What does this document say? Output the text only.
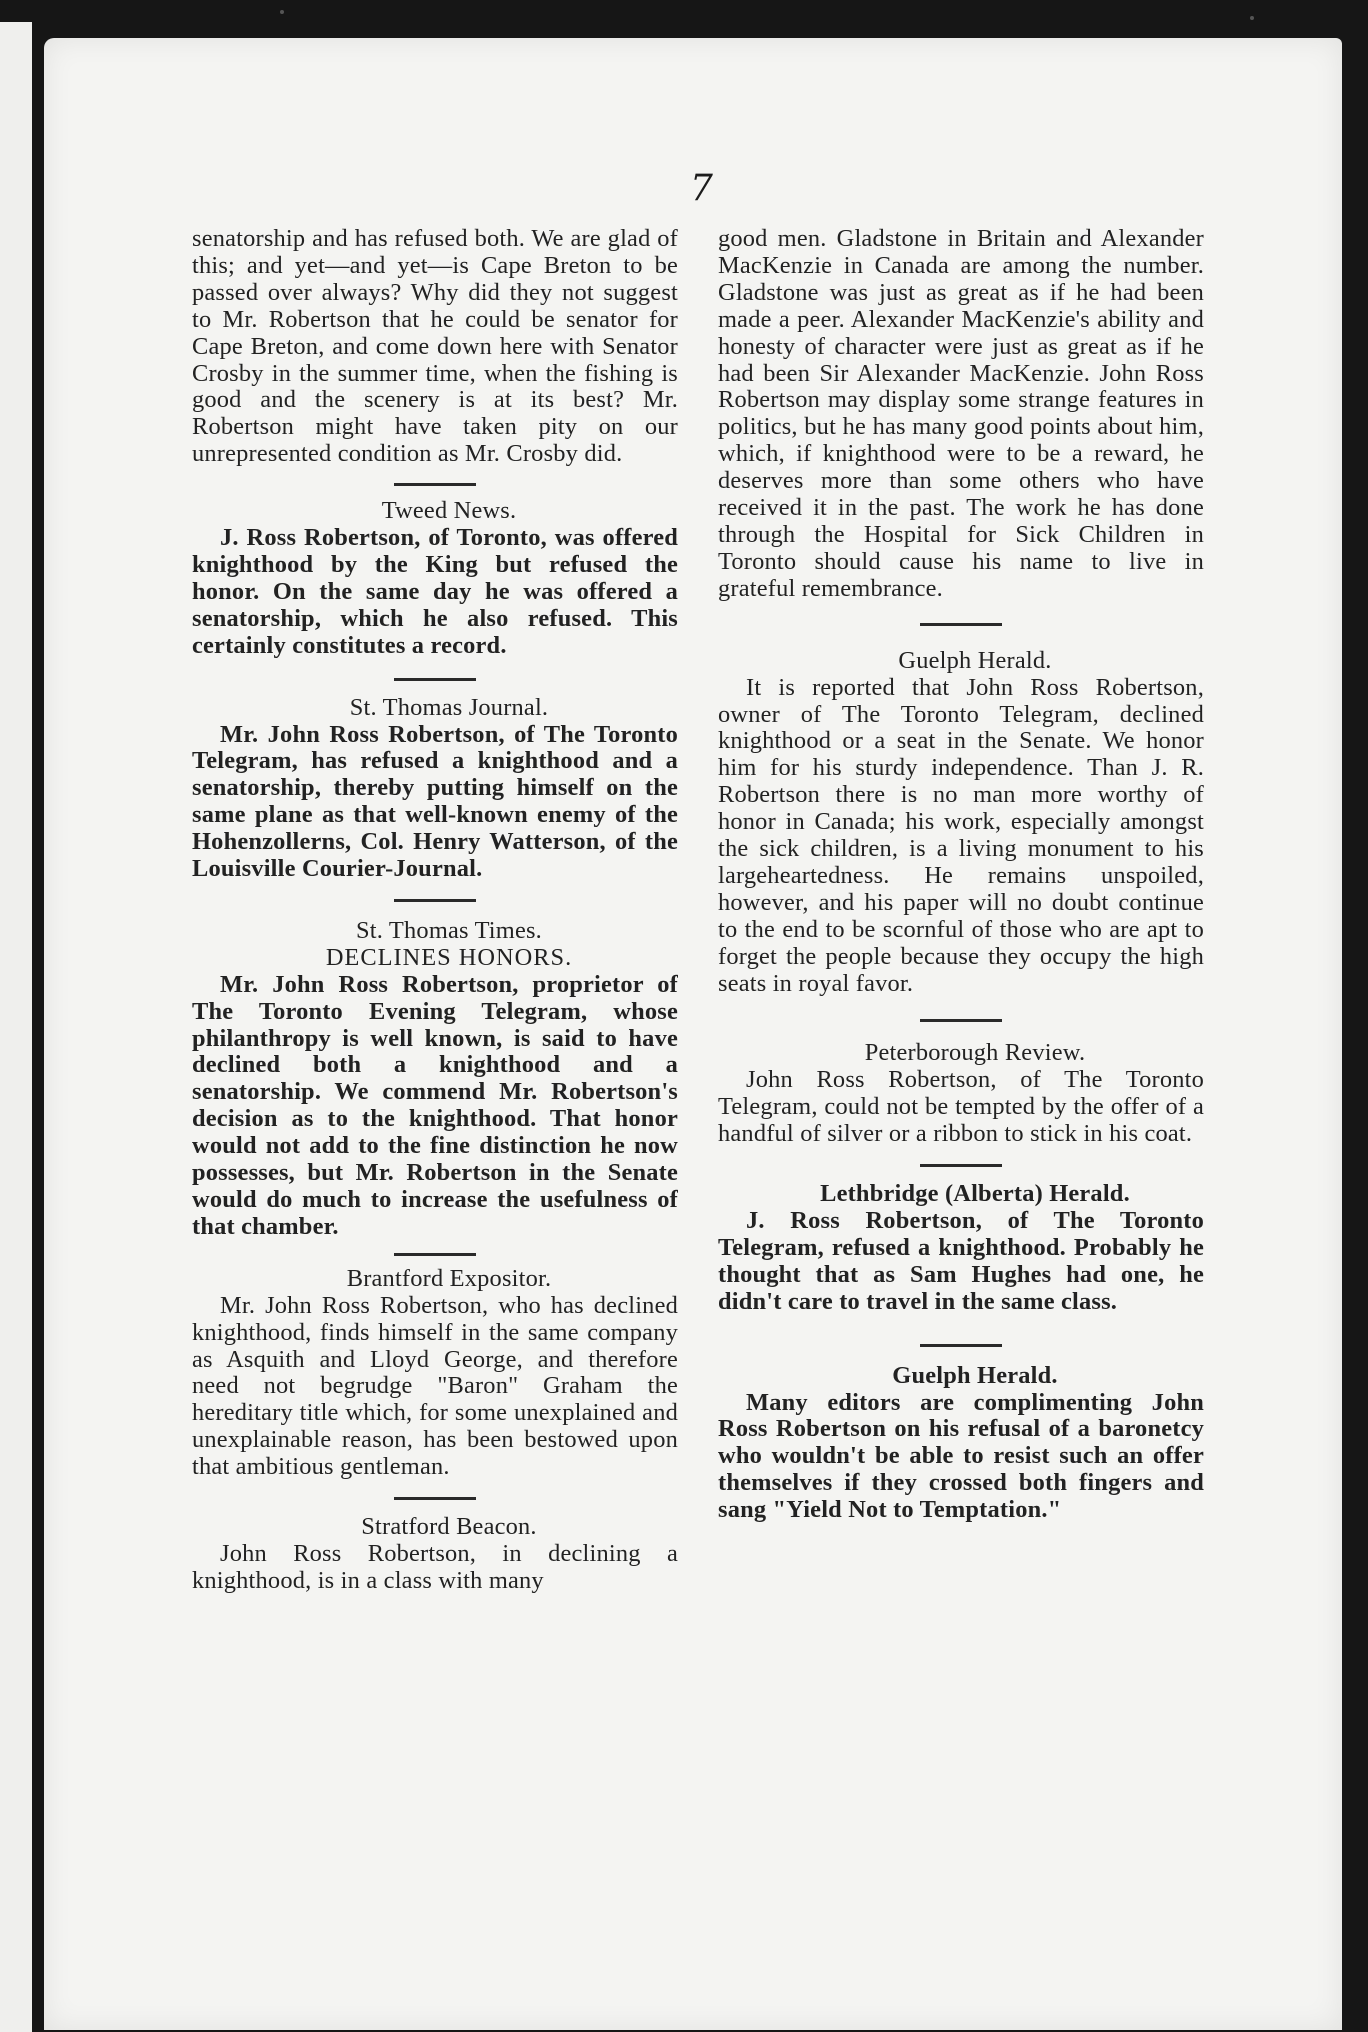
7

senatorship and has refused both. We are glad of this; and yet—and yet—is Cape Breton to be passed over always? Why did they not suggest to Mr. Robertson that he could be senator for Cape Breton, and come down here with Senator Crosby in the summer time, when the fishing is good and the scenery is at its best? Mr. Robertson might have taken pity on our unrepresented condition as Mr. Crosby did.

Tweed News.

J. Ross Robertson, of Toronto, was offered knighthood by the King but refused the honor. On the same day he was offered a senatorship, which he also refused. This certainly constitutes a record.

St. Thomas Journal.

Mr. John Ross Robertson, of The Toronto Telegram, has refused a knighthood and a senatorship, thereby putting himself on the same plane as that well-known enemy of the Hohenzollerns, Col. Henry Watterson, of the Louisville Courier-Journal.

St. Thomas Times.

DECLINES HONORS.

Mr. John Ross Robertson, proprietor of The Toronto Evening Telegram, whose philanthropy is well known, is said to have declined both a knighthood and a senatorship. We commend Mr. Robertson's decision as to the knighthood. That honor would not add to the fine distinction he now possesses, but Mr. Robertson in the Senate would do much to increase the usefulness of that chamber.

Brantford Expositor.

Mr. John Ross Robertson, who has declined knighthood, finds himself in the same company as Asquith and Lloyd George, and therefore need not begrudge "Baron" Graham the hereditary title which, for some unexplained and unexplainable reason, has been bestowed upon that ambitious gentleman.

Stratford Beacon.

John Ross Robertson, in declining a knighthood, is in a class with many

good men. Gladstone in Britain and Alexander MacKenzie in Canada are among the number. Gladstone was just as great as if he had been made a peer. Alexander MacKenzie's ability and honesty of character were just as great as if he had been Sir Alexander MacKenzie. John Ross Robertson may display some strange features in politics, but he has many good points about him, which, if knighthood were to be a reward, he deserves more than some others who have received it in the past. The work he has done through the Hospital for Sick Children in Toronto should cause his name to live in grateful remembrance.

Guelph Herald.

It is reported that John Ross Robertson, owner of The Toronto Telegram, declined knighthood or a seat in the Senate. We honor him for his sturdy independence. Than J. R. Robertson there is no man more worthy of honor in Canada; his work, especially amongst the sick children, is a living monument to his largeheartedness. He remains unspoiled, however, and his paper will no doubt continue to the end to be scornful of those who are apt to forget the people because they occupy the high seats in royal favor.

Peterborough Review.

John Ross Robertson, of The Toronto Telegram, could not be tempted by the offer of a handful of silver or a ribbon to stick in his coat.

Lethbridge (Alberta) Herald.

J. Ross Robertson, of The Toronto Telegram, refused a knighthood. Probably he thought that as Sam Hughes had one, he didn't care to travel in the same class.

Guelph Herald.

Many editors are complimenting John Ross Robertson on his refusal of a baronetcy who wouldn't be able to resist such an offer themselves if they crossed both fingers and sang "Yield Not to Temptation."
